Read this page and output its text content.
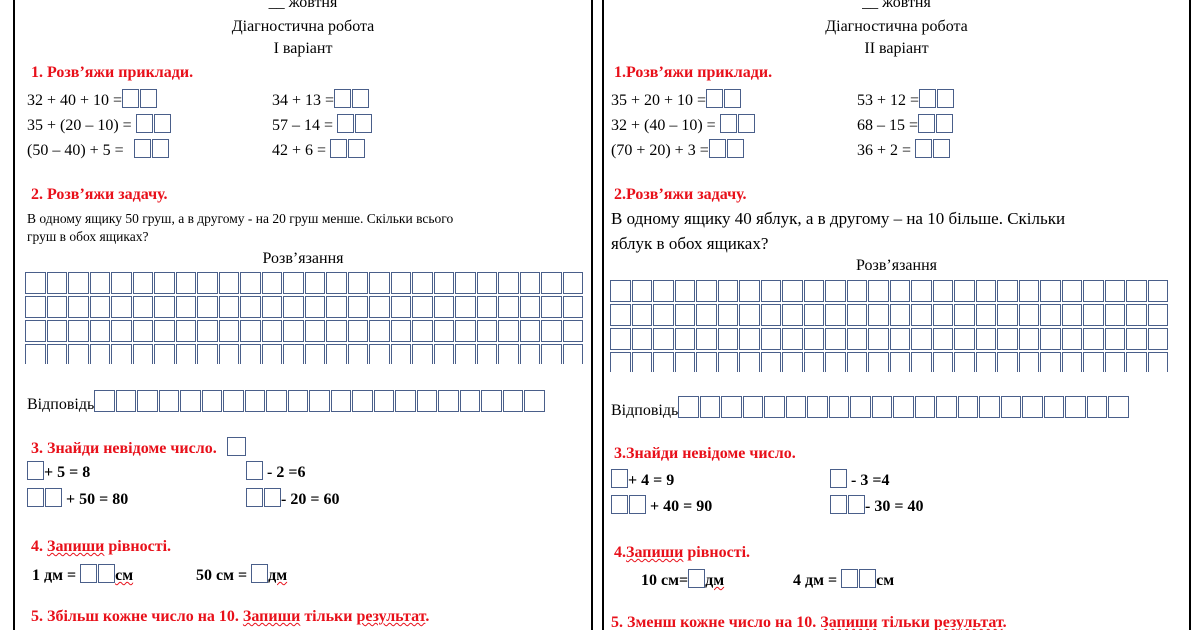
__ жовтня
Діагностична робота
І варіант
1. Розв’яжи приклади.
32 + 40 + 10 =
35 + (20 – 10) =
(50 – 40) + 5 =
34 + 13 =
57 – 14 =
42 + 6 =
2. Розв’яжи задачу.
В одному ящику 50 груш, а в другому - на 20 груш менше. Скільки всього
груш в обох ящиках?
Розв’язання
Відповідь
3. Знайди невідоме число.
+ 5 = 8
+ 50 = 80
- 2 =6
- 20 = 60
4. Запиши рівності.
1 дм = см	50 см = дм
5. Збільш кожне число на 10. Запиши тільки результат.
__ жовтня
Діагностична робота
ІІ варіант
1.Розв’яжи приклади.
35 + 20 + 10 =
32 + (40 – 10) =
(70 + 20) + 3 =
53 + 12 =
68 – 15 =
36 + 2 =
2.Розв’яжи задачу.
В одному ящику 40 яблук, а в другому – на 10 більше. Скільки
яблук в обох ящиках?
Розв’язання
Відповідь
3.Знайди невідоме число.
+ 4 = 9
+ 40 = 90
- 3 =4
- 30 = 40
4.Запиши рівності.
10 см= дм	4 дм = см
5. Зменш кожне число на 10. Запиши тільки результат.
